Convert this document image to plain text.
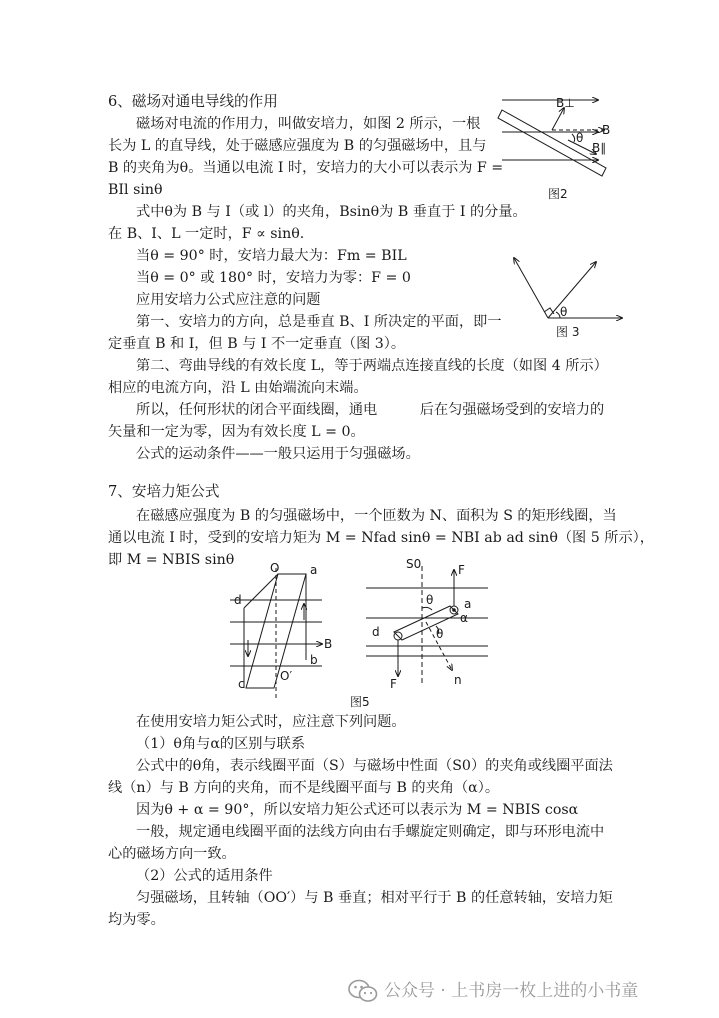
6、磁场对通电导线的作用
磁场对电流的作用力，叫做安培力，如图 2 所示，一根
长为 L 的直导线，处于磁感应强度为 B 的匀强磁场中，且与
B 的夹角为θ。当通以电流 I 时，安培力的大小可以表示为 F =
BIl sinθ
式中θ为 B 与 I（或 l）的夹角，Bsinθ为 B 垂直于 I 的分量。
在 B、I、L 一定时，F ∝ sinθ.
当θ = 90° 时，安培力最大为：Fm = BIL
当θ = 0° 或 180° 时，安培力为零：F = 0
应用安培力公式应注意的问题
第一、安培力的方向，总是垂直 B、I 所决定的平面，即一
定垂直 B 和 I，但 B 与 I 不一定垂直（图 3）。
第二、弯曲导线的有效长度 L，等于两端点连接直线的长度（如图 4 所示）
相应的电流方向，沿 L 由始端流向末端。
所以，任何形状的闭合平面线圈，通电　　　后在匀强磁场受到的安培力的
矢量和一定为零，因为有效长度 L = 0。
公式的运动条件——一般只运用于匀强磁场。
B⊥
B
B∥
θ
图2
θ
图 3
7、安培力矩公式
在磁感应强度为 B 的匀强磁场中，一个匝数为 N、面积为 S 的矩形线圈，当
通以电流 I 时，受到的安培力矩为 M = Nfad sinθ = NBI ab ad sinθ（图 5 所示），
即 M = NBIS sinθ	O	a
d
B
b
c
O′
S0	F
θ	a
α
d	θ
F	n
图5
在使用安培力矩公式时，应注意下列问题。
（1）θ角与α的区别与联系
公式中的θ角，表示线圈平面（S）与磁场中性面（S0）的夹角或线圈平面法
线（n）与 B 方向的夹角，而不是线圈平面与 B 的夹角（α）。
因为θ + α = 90°，所以安培力矩公式还可以表示为 M = NBIS cosα
一般，规定通电线圈平面的法线方向由右手螺旋定则确定，即与环形电流中
心的磁场方向一致。
（2）公式的适用条件
匀强磁场，且转轴（OO′）与 B 垂直；相对平行于 B 的任意转轴，安培力矩
均为零。
公众号 · 上书房一枚上进的小书童
